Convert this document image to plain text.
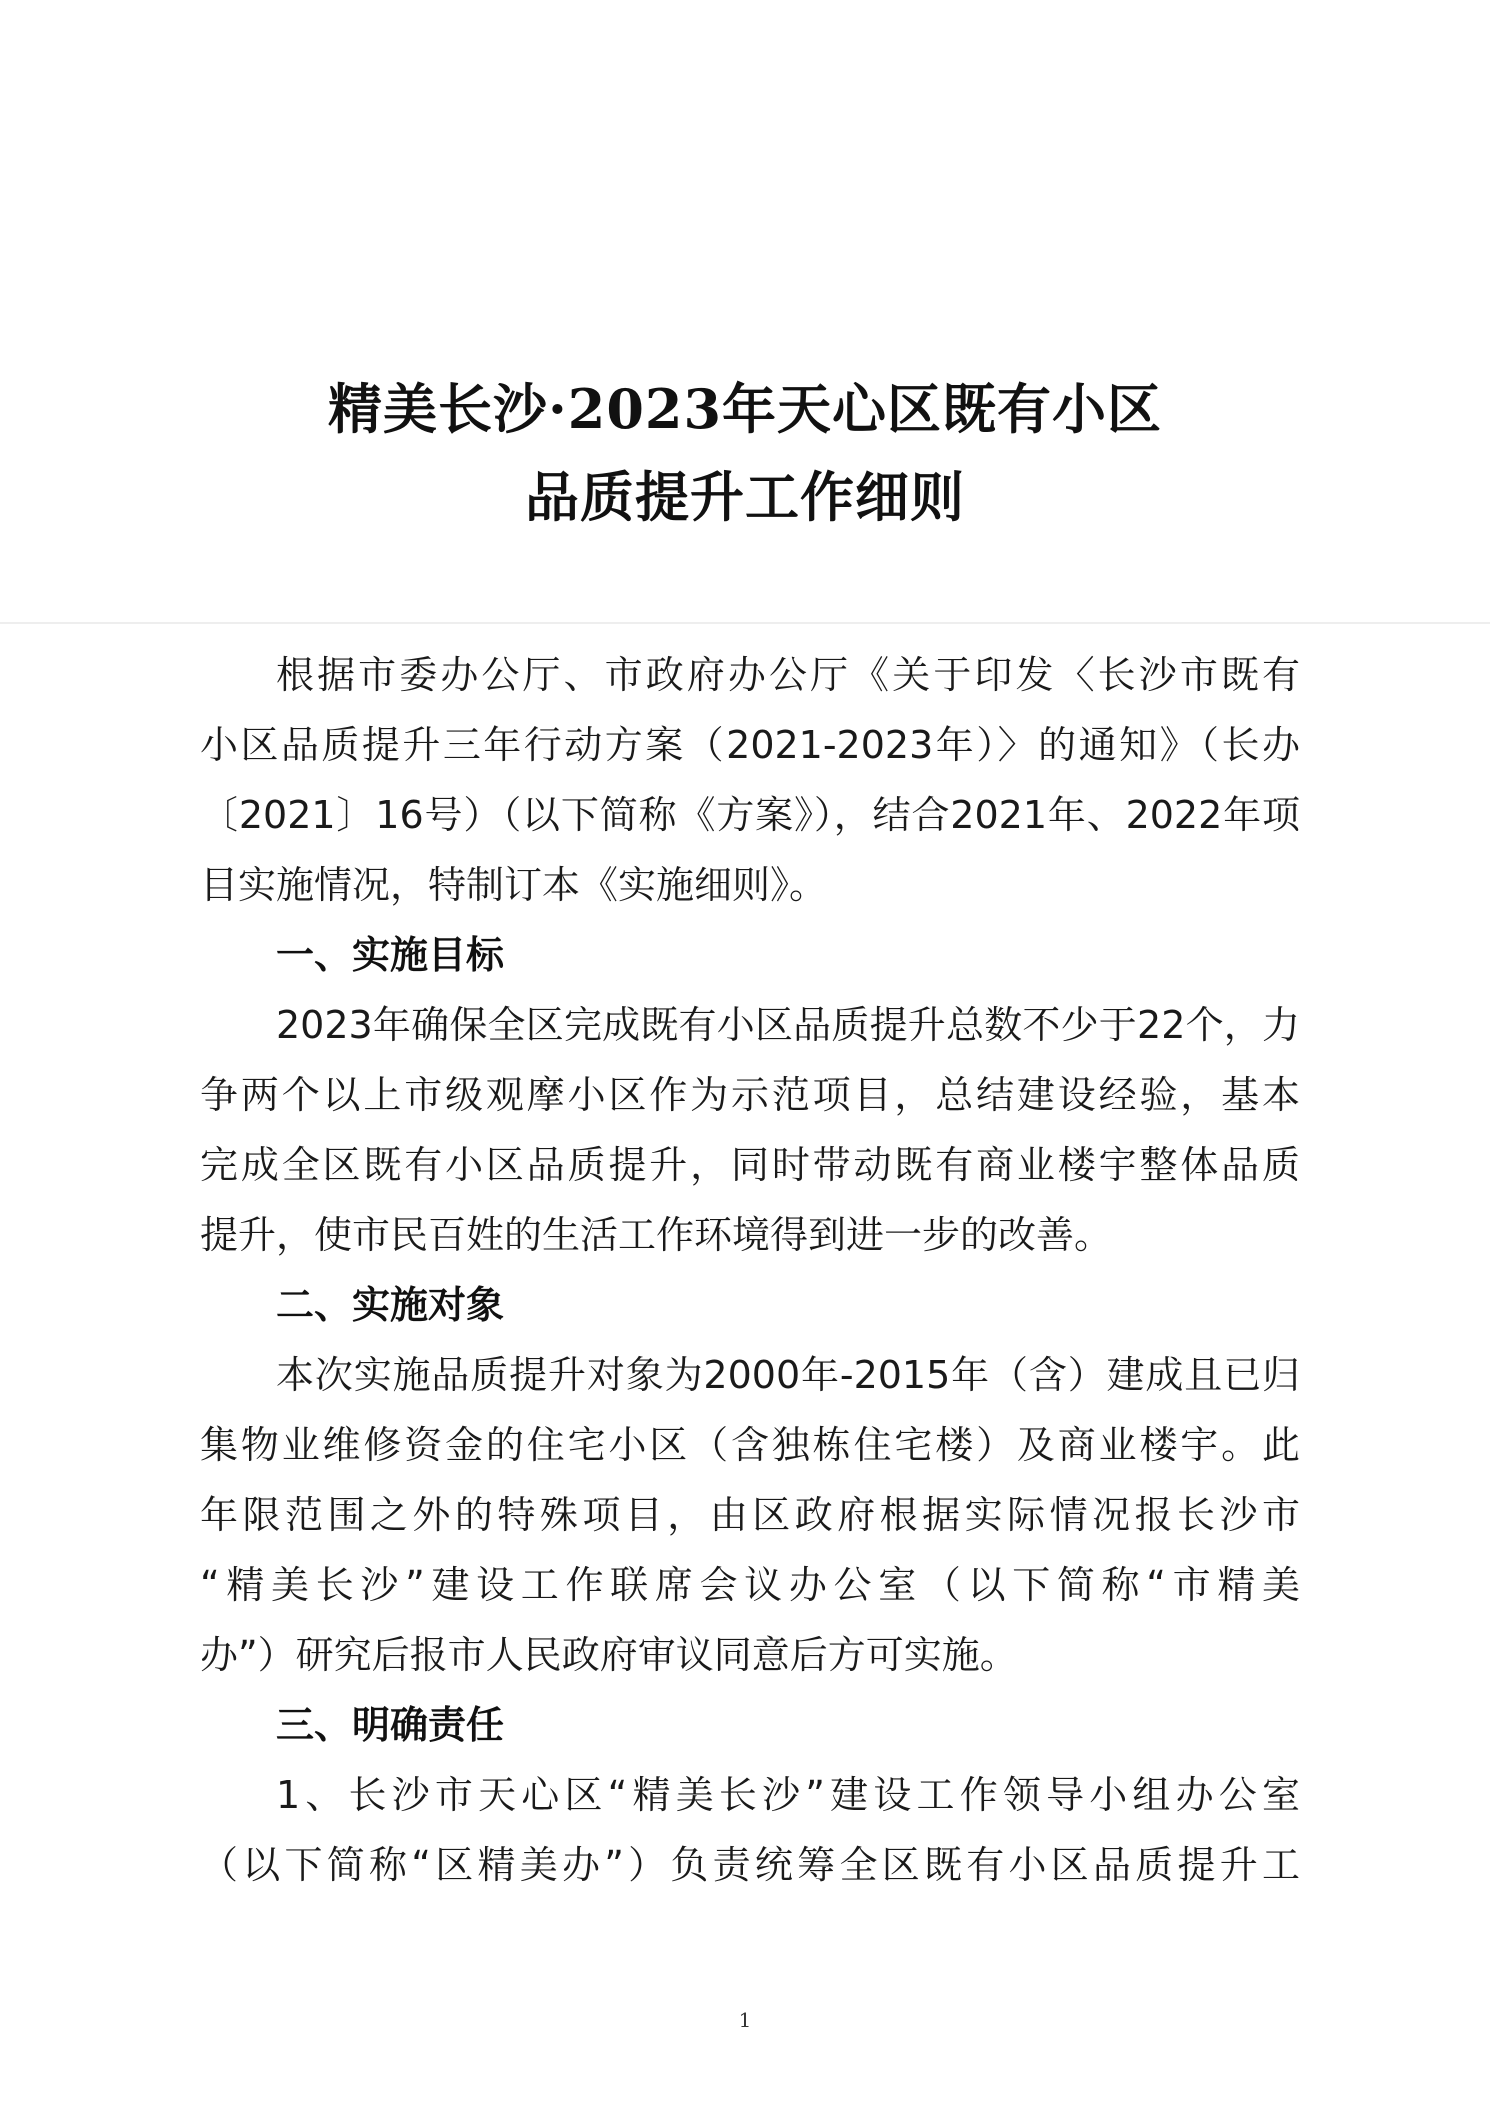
精美长沙·2023年天心区既有小区
品质提升工作细则

根据市委办公厅、市政府办公厅《关于印发〈长沙市既有

小区品质提升三年行动方案（2021-2023年）〉的通知》（长办

〔2021〕16号）（以下简称《方案》），结合2021年、2022年项

目实施情况，特制订本《实施细则》。

一、实施目标

2023年确保全区完成既有小区品质提升总数不少于22个，力

争两个以上市级观摩小区作为示范项目，总结建设经验，基本

完成全区既有小区品质提升，同时带动既有商业楼宇整体品质

提升，使市民百姓的生活工作环境得到进一步的改善。

二、实施对象

本次实施品质提升对象为2000年-2015年（含）建成且已归

集物业维修资金的住宅小区（含独栋住宅楼）及商业楼宇。此

年限范围之外的特殊项目，由区政府根据实际情况报长沙市

“精美长沙”建设工作联席会议办公室（以下简称“市精美

办”）研究后报市人民政府审议同意后方可实施。

三、明确责任

1、长沙市天心区“精美长沙”建设工作领导小组办公室

（以下简称“区精美办”）负责统筹全区既有小区品质提升工

1
